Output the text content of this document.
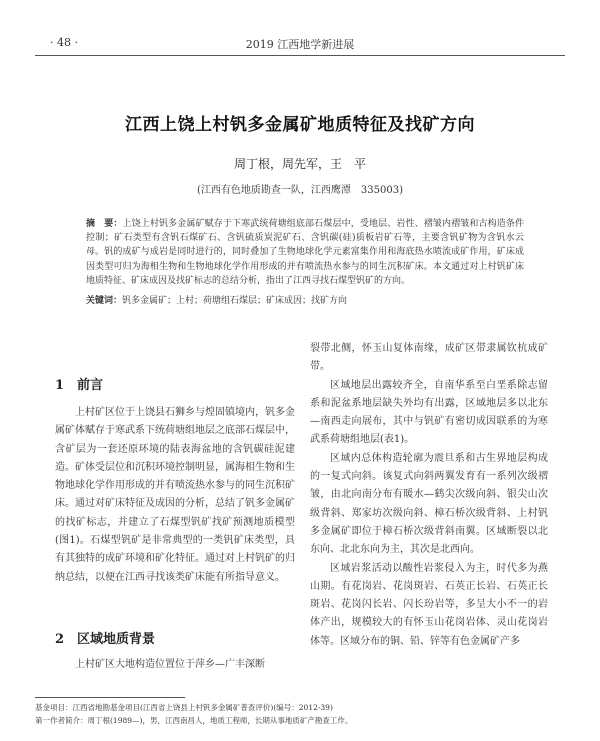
· 48 ·	2019 江西地学新进展
江西上饶上村钒多金属矿地质特征及找矿方向
周丁根，周先军，王　平
(江西有色地质勘查一队，江西鹰潭　335003)
摘　要：上饶上村钒多金属矿赋存于下寒武统荷塘组底部石煤层中，受地层、岩性、褶皱内褶皱和古构造条件控制；矿石类型有含钒石煤矿石、含钒硫质炭泥矿石、含钒碳(硅)质板岩矿石等，主要含钒矿物为含钒水云母。钒的成矿与成岩是同时进行的，同时叠加了生物地球化学元素富集作用和海底热水喷流成矿作用，矿床成因类型可归为海相生物和生物地球化学作用形成的并有喷流热水参与的同生沉积矿床。本文通过对上村钒矿床地质特征、矿床成因及找矿标志的总结分析，指出了江西寻找石煤型钒矿的方向。
关键词：钒多金属矿；上村；荷塘组石煤层；矿床成因；找矿方向
1　前言

上村矿区位于上饶县石狮乡与煌固镇境内，钒多金属矿体赋存于寒武系下统荷塘组地层之底部石煤层中，含矿层为一套还原环境的陆表海盆地的含钒碳硅泥建造。矿体受层位和沉积环境控制明显，属海相生物和生物地球化学作用形成的并有喷流热水参与的同生沉积矿床。通过对矿床特征及成因的分析，总结了钒多金属矿的找矿标志，并建立了石煤型钒矿找矿预测地质模型(图1)。石煤型钒矿是非常典型的一类钒矿床类型，具有其独特的成矿环境和矿化特征。通过对上村钒矿的归纳总结，以便在江西寻找该类矿床能有所指导意义。

2　区域地质背景

上村矿区大地构造位置位于萍乡—广丰深断

裂带北侧，怀玉山复体南缘，成矿区带隶属钦杭成矿带。

区域地层出露较齐全，自南华系至白垩系除志留系和泥盆系地层缺失外均有出露，区域地层多以北东—南西走向展布，其中与钒矿有密切成因联系的为寒武系荷塘组地层(表1)。

区域内总体构造轮廓为震旦系和古生界地层构成的一复式向斜。该复式向斜两翼发育有一系列次级褶皱，由北向南分布有暖水—鹤尖次级向斜、银尖山次级背斜、郑家坊次级向斜、樟石桥次级背斜、上村钒多金属矿即位于樟石桥次级背斜南翼。区域断裂以北东向、北北东向为主，其次是北西向。

区域岩浆活动以酸性岩浆侵入为主，时代多为燕山期。有花岗岩、花岗斑岩、石英正长岩、石英正长斑岩、花岗闪长岩、闪长玢岩等，多呈大小不一的岩体产出，规模较大的有怀玉山花岗岩体、灵山花岗岩体等。区域分布的铜、铅、锌等有色金属矿产多

基金项目：江西省地勘基金项目(江西省上饶县上村钒多金属矿普查评价)(编号：2012-39)
第一作者简介：周丁根(1989—)，男，江西南昌人，地质工程师，长期从事地质矿产勘查工作。
